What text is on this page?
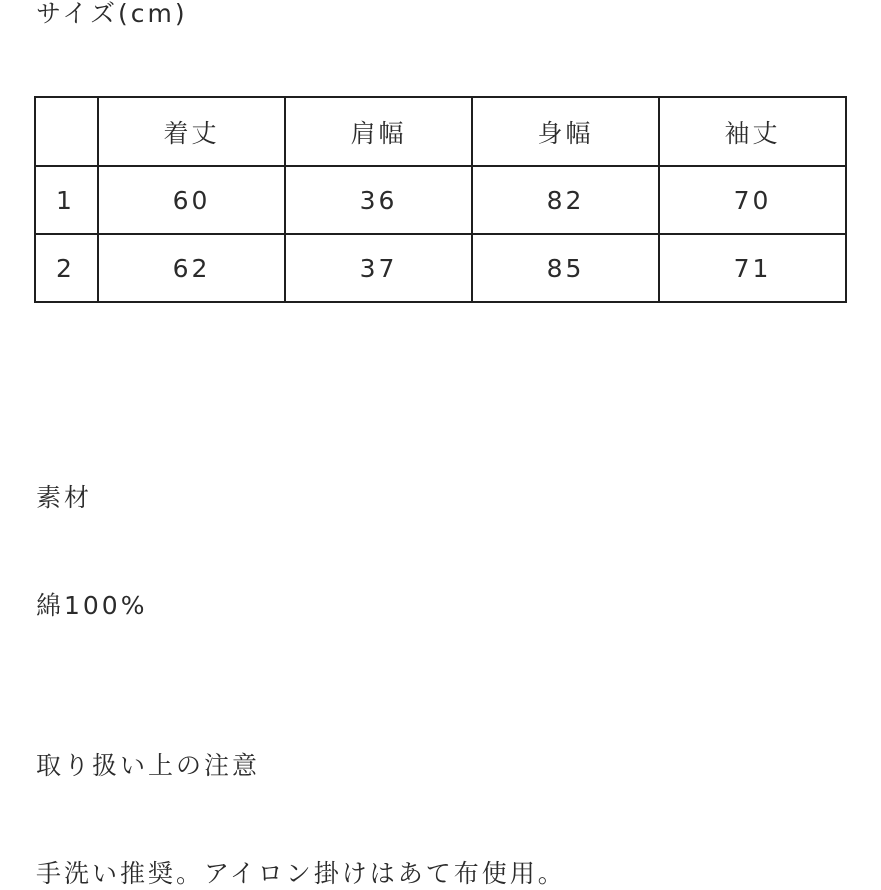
サイズ(cm)
	着丈	肩幅	身幅	袖丈
1	60	36	82	70
2	62	37	85	71
素材
綿100%
取り扱い上の注意
手洗い推奨。アイロン掛けはあて布使用。
